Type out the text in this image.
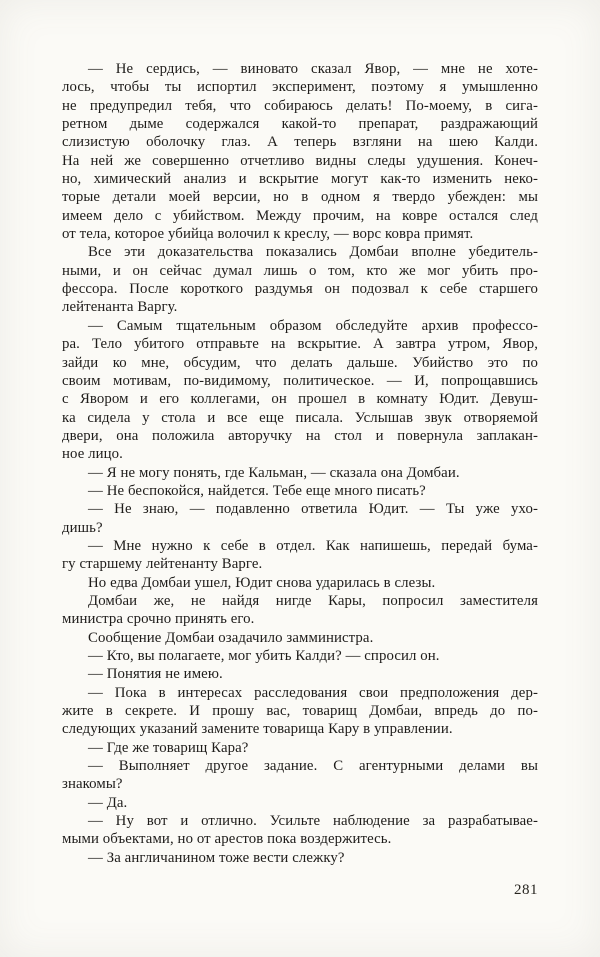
— Не сердись, — виновато сказал Явор, — мне не хоте-
лось, чтобы ты испортил эксперимент, поэтому я умышленно
не предупредил тебя, что собираюсь делать! По-моему, в сига-
ретном дыме содержался какой-то препарат, раздражающий
слизистую оболочку глаз. А теперь взгляни на шею Калди.
На ней же совершенно отчетливо видны следы удушения. Конеч-
но, химический анализ и вскрытие могут как-то изменить неко-
торые детали моей версии, но в одном я твердо убежден: мы
имеем дело с убийством. Между прочим, на ковре остался след
от тела, которое убийца волочил к креслу, — ворс ковра примят.
Все эти доказательства показались Домбаи вполне убедитель-
ными, и он сейчас думал лишь о том, кто же мог убить про-
фессора. После короткого раздумья он подозвал к себе старшего
лейтенанта Варгу.
— Самым тщательным образом обследуйте архив профессо-
ра. Тело убитого отправьте на вскрытие. А завтра утром, Явор,
зайди ко мне, обсудим, что делать дальше. Убийство это по
своим мотивам, по-видимому, политическое. — И, попрощавшись
с Явором и его коллегами, он прошел в комнату Юдит. Девуш-
ка сидела у стола и все еще писала. Услышав звук отворяемой
двери, она положила авторучку на стол и повернула заплакан-
ное лицо.
— Я не могу понять, где Кальман, — сказала она Домбаи.
— Не беспокойся, найдется. Тебе еще много писать?
— Не знаю, — подавленно ответила Юдит. — Ты уже ухо-
дишь?
— Мне нужно к себе в отдел. Как напишешь, передай бума-
гу старшему лейтенанту Варге.
Но едва Домбаи ушел, Юдит снова ударилась в слезы.
Домбаи же, не найдя нигде Кары, попросил заместителя
министра срочно принять его.
Сообщение Домбаи озадачило замминистра.
— Кто, вы полагаете, мог убить Калди? — спросил он.
— Понятия не имею.
— Пока в интересах расследования свои предположения дер-
жите в секрете. И прошу вас, товарищ Домбаи, впредь до по-
следующих указаний замените товарища Кару в управлении.
— Где же товарищ Кара?
— Выполняет другое задание. С агентурными делами вы
знакомы?
— Да.
— Ну вот и отлично. Усильте наблюдение за разрабатывае-
мыми объектами, но от арестов пока воздержитесь.
— За англичанином тоже вести слежку?
281
